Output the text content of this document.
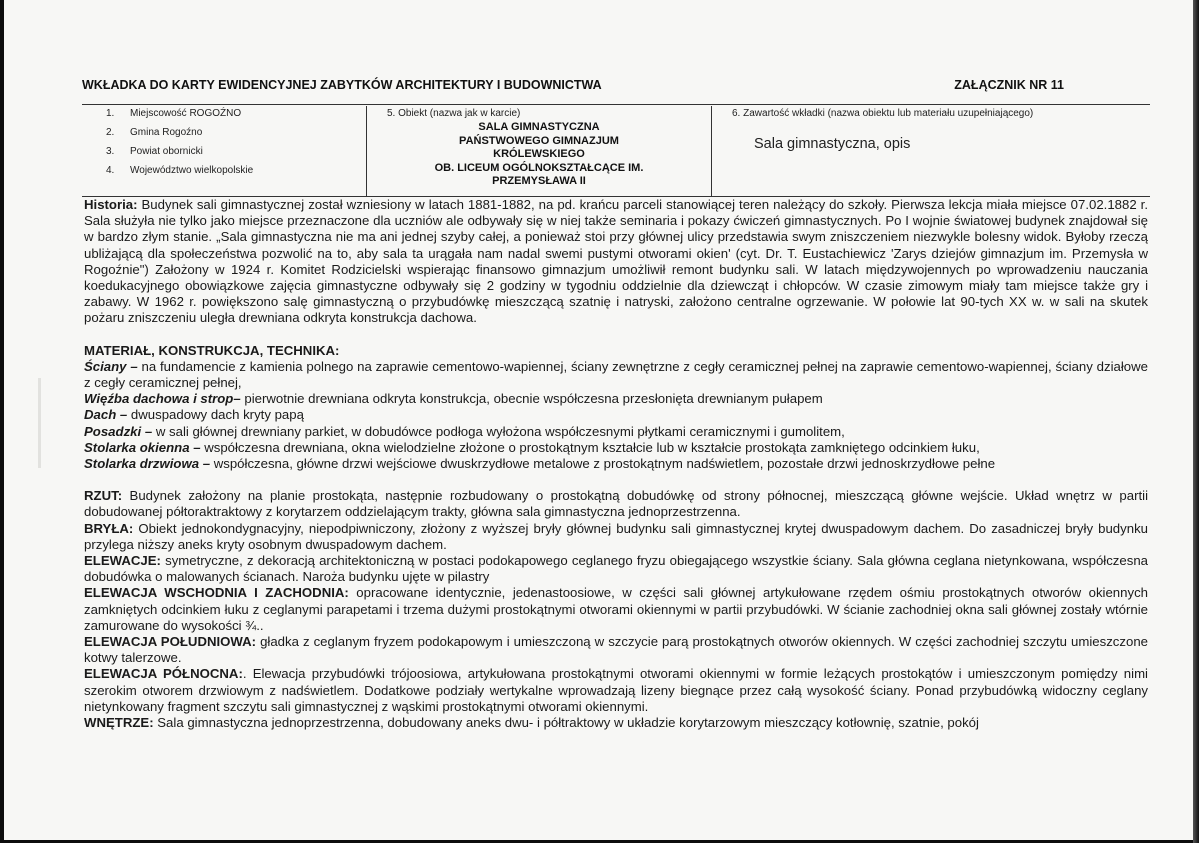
WKŁADKA DO KARTY EWIDENCYJNEJ ZABYTKÓW ARCHITEKTURY I BUDOWNICTWA	ZAŁĄCZNIK NR 11
1. Miejscowość ROGOŹNO
2. Gmina Rogoźno
3. Powiat obornicki
4. Województwo wielkopolskie
5. Obiekt (nazwa jak w karcie)
SALA GIMNASTYCZNA
PAŃSTWOWEGO GIMNAZJUM
KRÓLEWSKIEGO
OB. LICEUM OGÓLNOKSZTAŁCĄCE IM.
PRZEMYSŁAWA II
6. Zawartość wkładki (nazwa obiektu lub materiału uzupełniającego)
Sala gimnastyczna, opis

Historia: Budynek sali gimnastycznej został wzniesiony w latach 1881-1882, na pd. krańcu parceli stanowiącej teren należący do szkoły. Pierwsza lekcja miała miejsce 07.02.1882 r. Sala służyła nie tylko jako miejsce przeznaczone dla uczniów ale odbywały się w niej także seminaria i pokazy ćwiczeń gimnastycznych. Po I wojnie światowej budynek znajdował się w bardzo złym stanie. „Sala gimnastyczna nie ma ani jednej szyby całej, a ponieważ stoi przy głównej ulicy przedstawia swym zniszczeniem niezwykle bolesny widok. Byłoby rzeczą ubliżającą dla społeczeństwa pozwolić na to, aby sala ta urągała nam nadal swemi pustymi otworami okien' (cyt. Dr. T. Eustachiewicz 'Zarys dziejów gimnazjum im. Przemysła w Rogoźnie") Założony w 1924 r. Komitet Rodzicielski wspierając finansowo gimnazjum umożliwił remont budynku sali. W latach międzywojennych po wprowadzeniu nauczania koedukacyjnego obowiązkowe zajęcia gimnastyczne odbywały się 2 godziny w tygodniu oddzielnie dla dziewcząt i chłopców. W czasie zimowym miały tam miejsce także gry i zabawy. W 1962 r. powiększono salę gimnastyczną o przybudówkę mieszczącą szatnię i natryski, założono centralne ogrzewanie. W połowie lat 90-tych XX w. w sali na skutek pożaru zniszczeniu uległa drewniana odkryta konstrukcja dachowa.

MATERIAŁ, KONSTRUKCJA, TECHNIKA:

Ściany – na fundamencie z kamienia polnego na zaprawie cementowo-wapiennej, ściany zewnętrzne z cegły ceramicznej pełnej na zaprawie cementowo-wapiennej, ściany działowe z cegły ceramicznej pełnej,

Więźba dachowa i strop– pierwotnie drewniana odkryta konstrukcja, obecnie współczesna przesłonięta drewnianym pułapem

Dach – dwuspadowy dach kryty papą

Posadzki – w sali głównej drewniany parkiet, w dobudówce podłoga wyłożona współczesnymi płytkami ceramicznymi i gumolitem,

Stolarka okienna – współczesna drewniana, okna wielodzielne złożone o prostokątnym kształcie lub w kształcie prostokąta zamkniętego odcinkiem łuku,

Stolarka drzwiowa – współczesna, główne drzwi wejściowe dwuskrzydłowe metalowe z prostokątnym nadświetlem, pozostałe drzwi jednoskrzydłowe pełne

RZUT: Budynek założony na planie prostokąta, następnie rozbudowany o prostokątną dobudówkę od strony północnej, mieszczącą główne wejście. Układ wnętrz w partii dobudowanej półtoraktraktowy z korytarzem oddzielającym trakty, główna sala gimnastyczna jednoprzestrzenna.

BRYŁA: Obiekt jednokondygnacyjny, niepodpiwniczony, złożony z wyższej bryły głównej budynku sali gimnastycznej krytej dwuspadowym dachem. Do zasadniczej bryły budynku przylega niższy aneks kryty osobnym dwuspadowym dachem.

ELEWACJE: symetryczne, z dekoracją architektoniczną w postaci podokapowego ceglanego fryzu obiegającego wszystkie ściany. Sala główna ceglana nietynkowana, współczesna dobudówka o malowanych ścianach. Naroża budynku ujęte w pilastry

ELEWACJA WSCHODNIA I ZACHODNIA: opracowane identycznie, jedenastoosiowe, w części sali głównej artykułowane rzędem ośmiu prostokątnych otworów okiennych zamkniętych odcinkiem łuku z ceglanymi parapetami i trzema dużymi prostokątnymi otworami okiennymi w partii przybudówki. W ścianie zachodniej okna sali głównej zostały wtórnie zamurowane do wysokości ¾..

ELEWACJA POŁUDNIOWA: gładka z ceglanym fryzem podokapowym i umieszczoną w szczycie parą prostokątnych otworów okiennych. W części zachodniej szczytu umieszczone kotwy talerzowe.

ELEWACJA PÓŁNOCNA:. Elewacja przybudówki trójoosiowa, artykułowana prostokątnymi otworami okiennymi w formie leżących prostokątów i umieszczonym pomiędzy nimi szerokim otworem drzwiowym z nadświetlem. Dodatkowe podziały wertykalne wprowadzają lizeny biegnące przez całą wysokość ściany. Ponad przybudówką widoczny ceglany nietynkowany fragment szczytu sali gimnastycznej z wąskimi prostokątnymi otworami okiennymi.

WNĘTRZE: Sala gimnastyczna jednoprzestrzenna, dobudowany aneks dwu- i półtraktowy w układzie korytarzowym mieszczący kotłownię, szatnie, pokój
